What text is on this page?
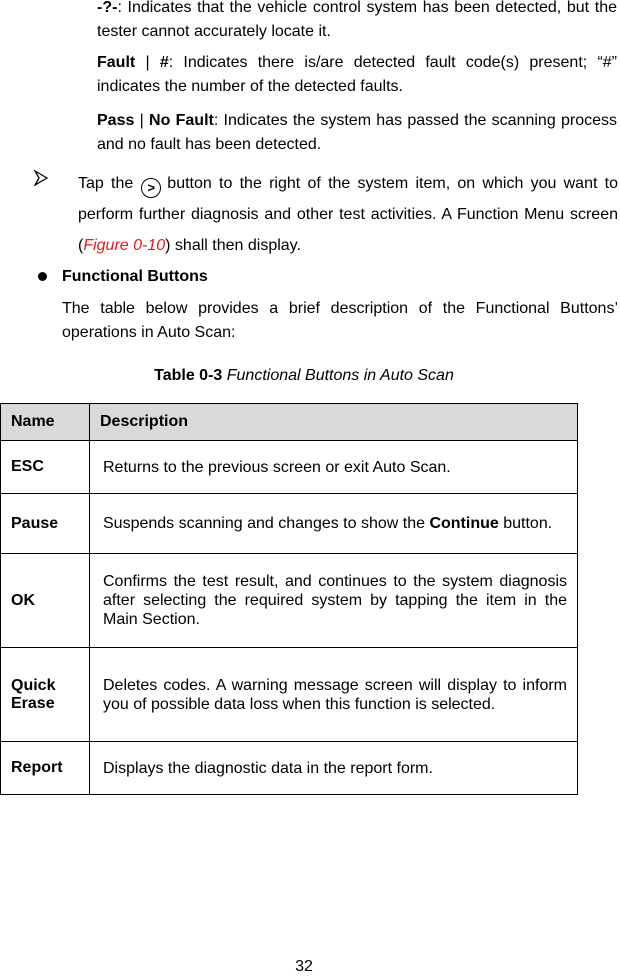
-?-: Indicates that the vehicle control system has been detected, but the tester cannot accurately locate it.
Fault | #: Indicates there is/are detected fault code(s) present; “#” indicates the number of the detected faults.
Pass | No Fault: Indicates the system has passed the scanning process and no fault has been detected.
Tap the > button to the right of the system item, on which you want to perform further diagnosis and other test activities. A Function Menu screen (Figure 0-10) shall then display.
Functional Buttons
The table below provides a brief description of the Functional Buttons’ operations in Auto Scan:
Table 0-3 Functional Buttons in Auto Scan
Name	Description
ESC	Returns to the previous screen or exit Auto Scan.
Pause	Suspends scanning and changes to show the Continue button.
OK	Confirms the test result, and continues to the system diagnosis after selecting the required system by tapping the item in the Main Section.
Quick Erase	Deletes codes. A warning message screen will display to inform you of possible data loss when this function is selected.
Report	Displays the diagnostic data in the report form.
32
